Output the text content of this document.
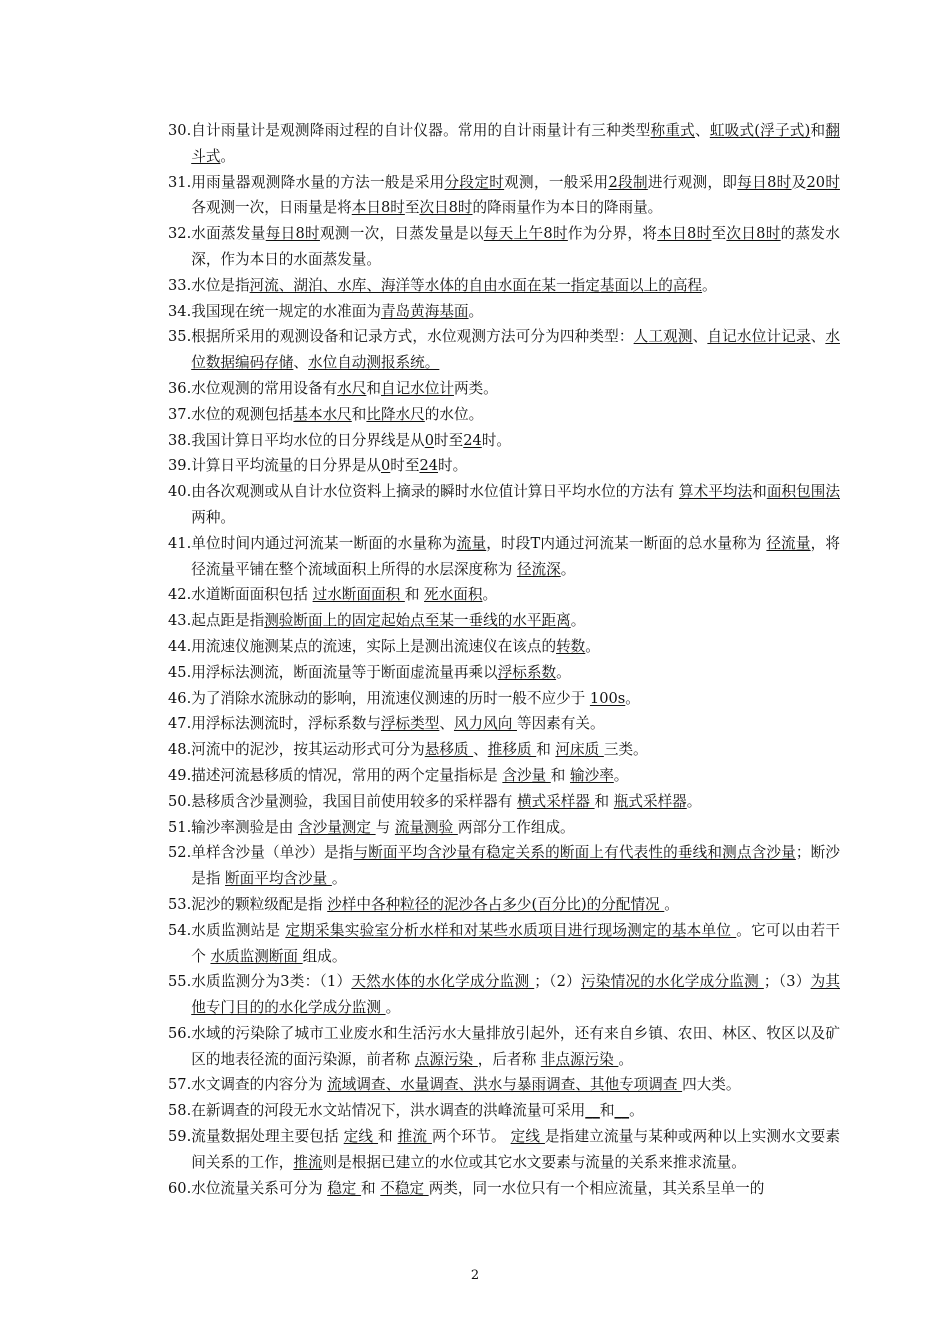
30. 自计雨量计是观测降雨过程的自计仪器。常用的自计雨量计有三种类型称重式、虹吸式(浮子式)和翻斗式。
31. 用雨量器观测降水量的方法一般是采用分段定时观测，一般采用2段制进行观测，即每日8时及20时各观测一次，日雨量是将本日8时至次日8时的降雨量作为本日的降雨量。
32. 水面蒸发量每日8时观测一次，日蒸发量是以每天上午8时作为分界，将本日8时至次日8时的蒸发水深，作为本日的水面蒸发量。
33. 水位是指河流、湖泊、水库、海洋等水体的自由水面在某一指定基面以上的高程。
34. 我国现在统一规定的水准面为青岛黄海基面。
35. 根据所采用的观测设备和记录方式，水位观测方法可分为四种类型：人工观测、自记水位计记录、水位数据编码存储、水位自动测报系统。
36. 水位观测的常用设备有水尺和自记水位计两类。
37. 水位的观测包括基本水尺和比降水尺的水位。
38. 我国计算日平均水位的日分界线是从0时至24时。
39. 计算日平均流量的日分界是从0时至24时。
40. 由各次观测或从自计水位资料上摘录的瞬时水位值计算日平均水位的方法有 算术平均法和面积包围法 两种。
41. 单位时间内通过河流某一断面的水量称为流量，时段T内通过河流某一断面的总水量称为 径流量，将径流量平铺在整个流域面积上所得的水层深度称为 径流深。
42. 水道断面面积包括 过水断面面积 和 死水面积。
43. 起点距是指测验断面上的固定起始点至某一垂线的水平距离。
44. 用流速仪施测某点的流速，实际上是测出流速仪在该点的转数。
45. 用浮标法测流，断面流量等于断面虚流量再乘以浮标系数。
46. 为了消除水流脉动的影响，用流速仪测速的历时一般不应少于 100s。
47. 用浮标法测流时，浮标系数与浮标类型、风力风向 等因素有关。
48. 河流中的泥沙，按其运动形式可分为悬移质 、推移质 和 河床质 三类。
49. 描述河流悬移质的情况，常用的两个定量指标是 含沙量 和 输沙率。
50. 悬移质含沙量测验，我国目前使用较多的采样器有 横式采样器 和 瓶式采样器。
51. 输沙率测验是由 含沙量测定 与 流量测验 两部分工作组成。
52. 单样含沙量（单沙）是指与断面平均含沙量有稳定关系的断面上有代表性的垂线和测点含沙量；断沙是指 断面平均含沙量 。
53. 泥沙的颗粒级配是指 沙样中各种粒径的泥沙各占多少(百分比)的分配情况 。
54. 水质监测站是 定期采集实验室分析水样和对某些水质项目进行现场测定的基本单位 。它可以由若干个 水质监测断面 组成。
55. 水质监测分为3类：（1）天然水体的水化学成分监测 ；（2）污染情况的水化学成分监测 ；（3）为其他专门目的的水化学成分监测 。
56. 水域的污染除了城市工业废水和生活污水大量排放引起外，还有来自乡镇、农田、林区、牧区以及矿区的地表径流的面污染源，前者称 点源污染 ，后者称 非点源污染 。
57. 水文调查的内容分为 流域调查、水量调查、洪水与暴雨调查、其他专项调查 四大类。
58. 在新调查的河段无水文站情况下，洪水调查的洪峰流量可采用__和__。
59. 流量数据处理主要包括 定线 和 推流 两个环节。 定线 是指建立流量与某种或两种以上实测水文要素间关系的工作，推流则是根据已建立的水位或其它水文要素与流量的关系来推求流量。
60. 水位流量关系可分为 稳定 和 不稳定 两类，同一水位只有一个相应流量，其关系呈单一的
2
